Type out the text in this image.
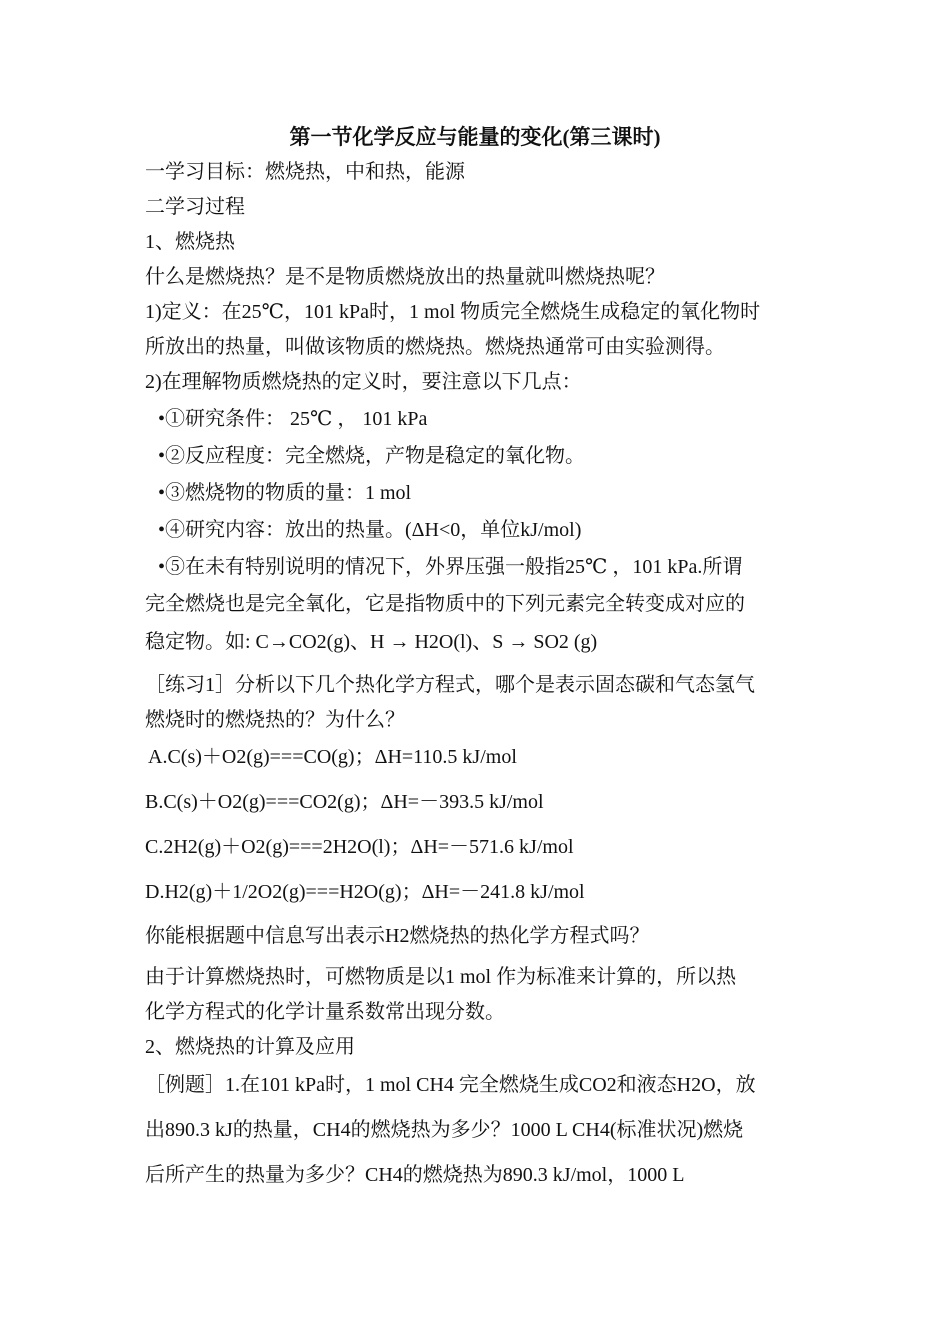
第一节化学反应与能量的变化(第三课时)
一学习目标：燃烧热，中和热，能源
二学习过程
1、燃烧热
什么是燃烧热？是不是物质燃烧放出的热量就叫燃烧热呢？
1)定义：在25℃，101 kPa时，1 mol 物质完全燃烧生成稳定的氧化物时
所放出的热量，叫做该物质的燃烧热。燃烧热通常可由实验测得。
2)在理解物质燃烧热的定义时，要注意以下几点：
•①研究条件： 25℃ ， 101 kPa
•②反应程度：完全燃烧，产物是稳定的氧化物。
•③燃烧物的物质的量：1 mol
•④研究内容：放出的热量。(ΔH<0，单位kJ/mol)
•⑤在未有特别说明的情况下，外界压强一般指25℃ ，101 kPa.所谓
完全燃烧也是完全氧化，它是指物质中的下列元素完全转变成对应的
稳定物。如: C→CO2(g)、H → H2O(l)、S → SO2 (g)
［练习1］分析以下几个热化学方程式，哪个是表示固态碳和气态氢气
燃烧时的燃烧热的？为什么？
A.C(s)＋O2(g)===CO(g)；ΔH=110.5 kJ/mol
B.C(s)＋O2(g)===CO2(g)；ΔH=－393.5 kJ/mol
C.2H2(g)＋O2(g)===2H2O(l)；ΔH=－571.6 kJ/mol
D.H2(g)＋1/2O2(g)===H2O(g)；ΔH=－241.8 kJ/mol
你能根据题中信息写出表示H2燃烧热的热化学方程式吗？
由于计算燃烧热时，可燃物质是以1 mol 作为标准来计算的，所以热
化学方程式的化学计量系数常出现分数。
2、燃烧热的计算及应用
［例题］1.在101 kPa时，1 mol CH4 完全燃烧生成CO2和液态H2O，放
出890.3 kJ的热量，CH4的燃烧热为多少？1000 L CH4(标准状况)燃烧
后所产生的热量为多少？CH4的燃烧热为890.3 kJ/mol，1000 L
